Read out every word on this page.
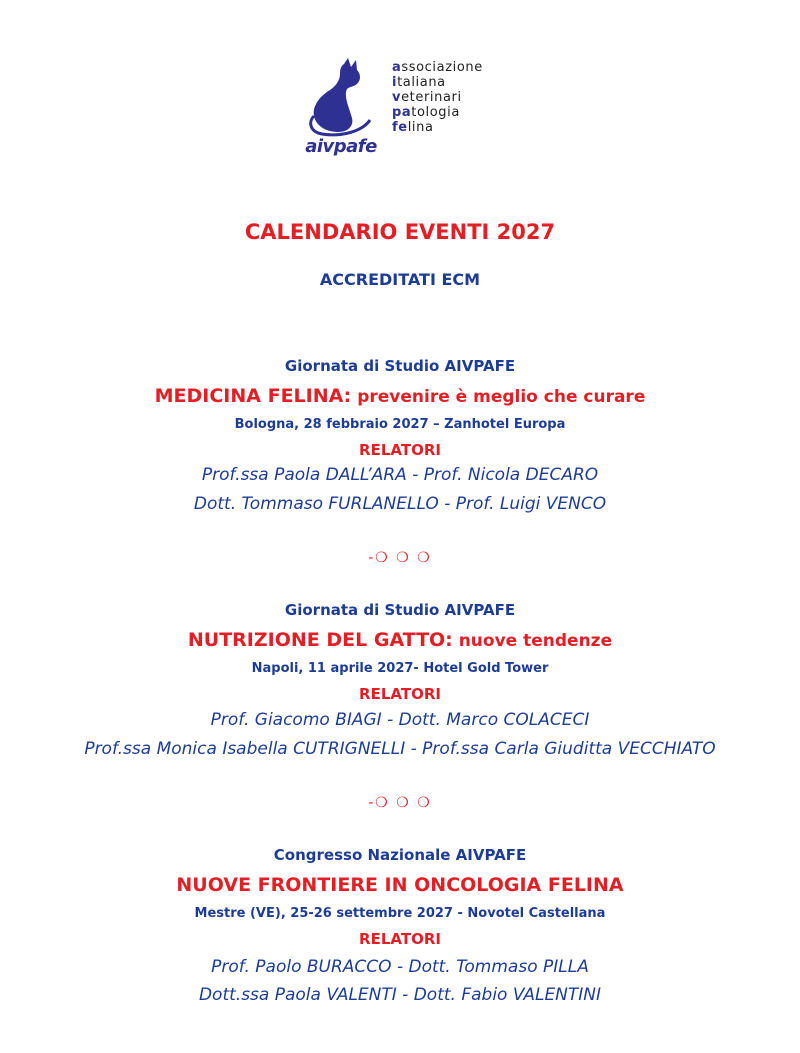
aivpafe
associazione
italiana
veterinari
patologia
felina
CALENDARIO EVENTI 2027
ACCREDITATI ECM
Giornata di Studio AIVPAFE
MEDICINA FELINA: prevenire è meglio che curare
Bologna, 28 febbraio 2027 – Zanhotel Europa
RELATORI
Prof.ssa Paola DALL’ARA - Prof. Nicola DECARO
Dott. Tommaso FURLANELLO - Prof. Luigi VENCO
-❍ ❍ ❍
Giornata di Studio AIVPAFE
NUTRIZIONE DEL GATTO: nuove tendenze
Napoli, 11 aprile 2027- Hotel Gold Tower
RELATORI
Prof. Giacomo BIAGI - Dott. Marco COLACECI
Prof.ssa Monica Isabella CUTRIGNELLI - Prof.ssa Carla Giuditta VECCHIATO
-❍ ❍ ❍
Congresso Nazionale AIVPAFE
NUOVE FRONTIERE IN ONCOLOGIA FELINA
Mestre (VE), 25-26 settembre 2027 - Novotel Castellana
RELATORI
Prof. Paolo BURACCO - Dott. Tommaso PILLA
Dott.ssa Paola VALENTI - Dott. Fabio VALENTINI
